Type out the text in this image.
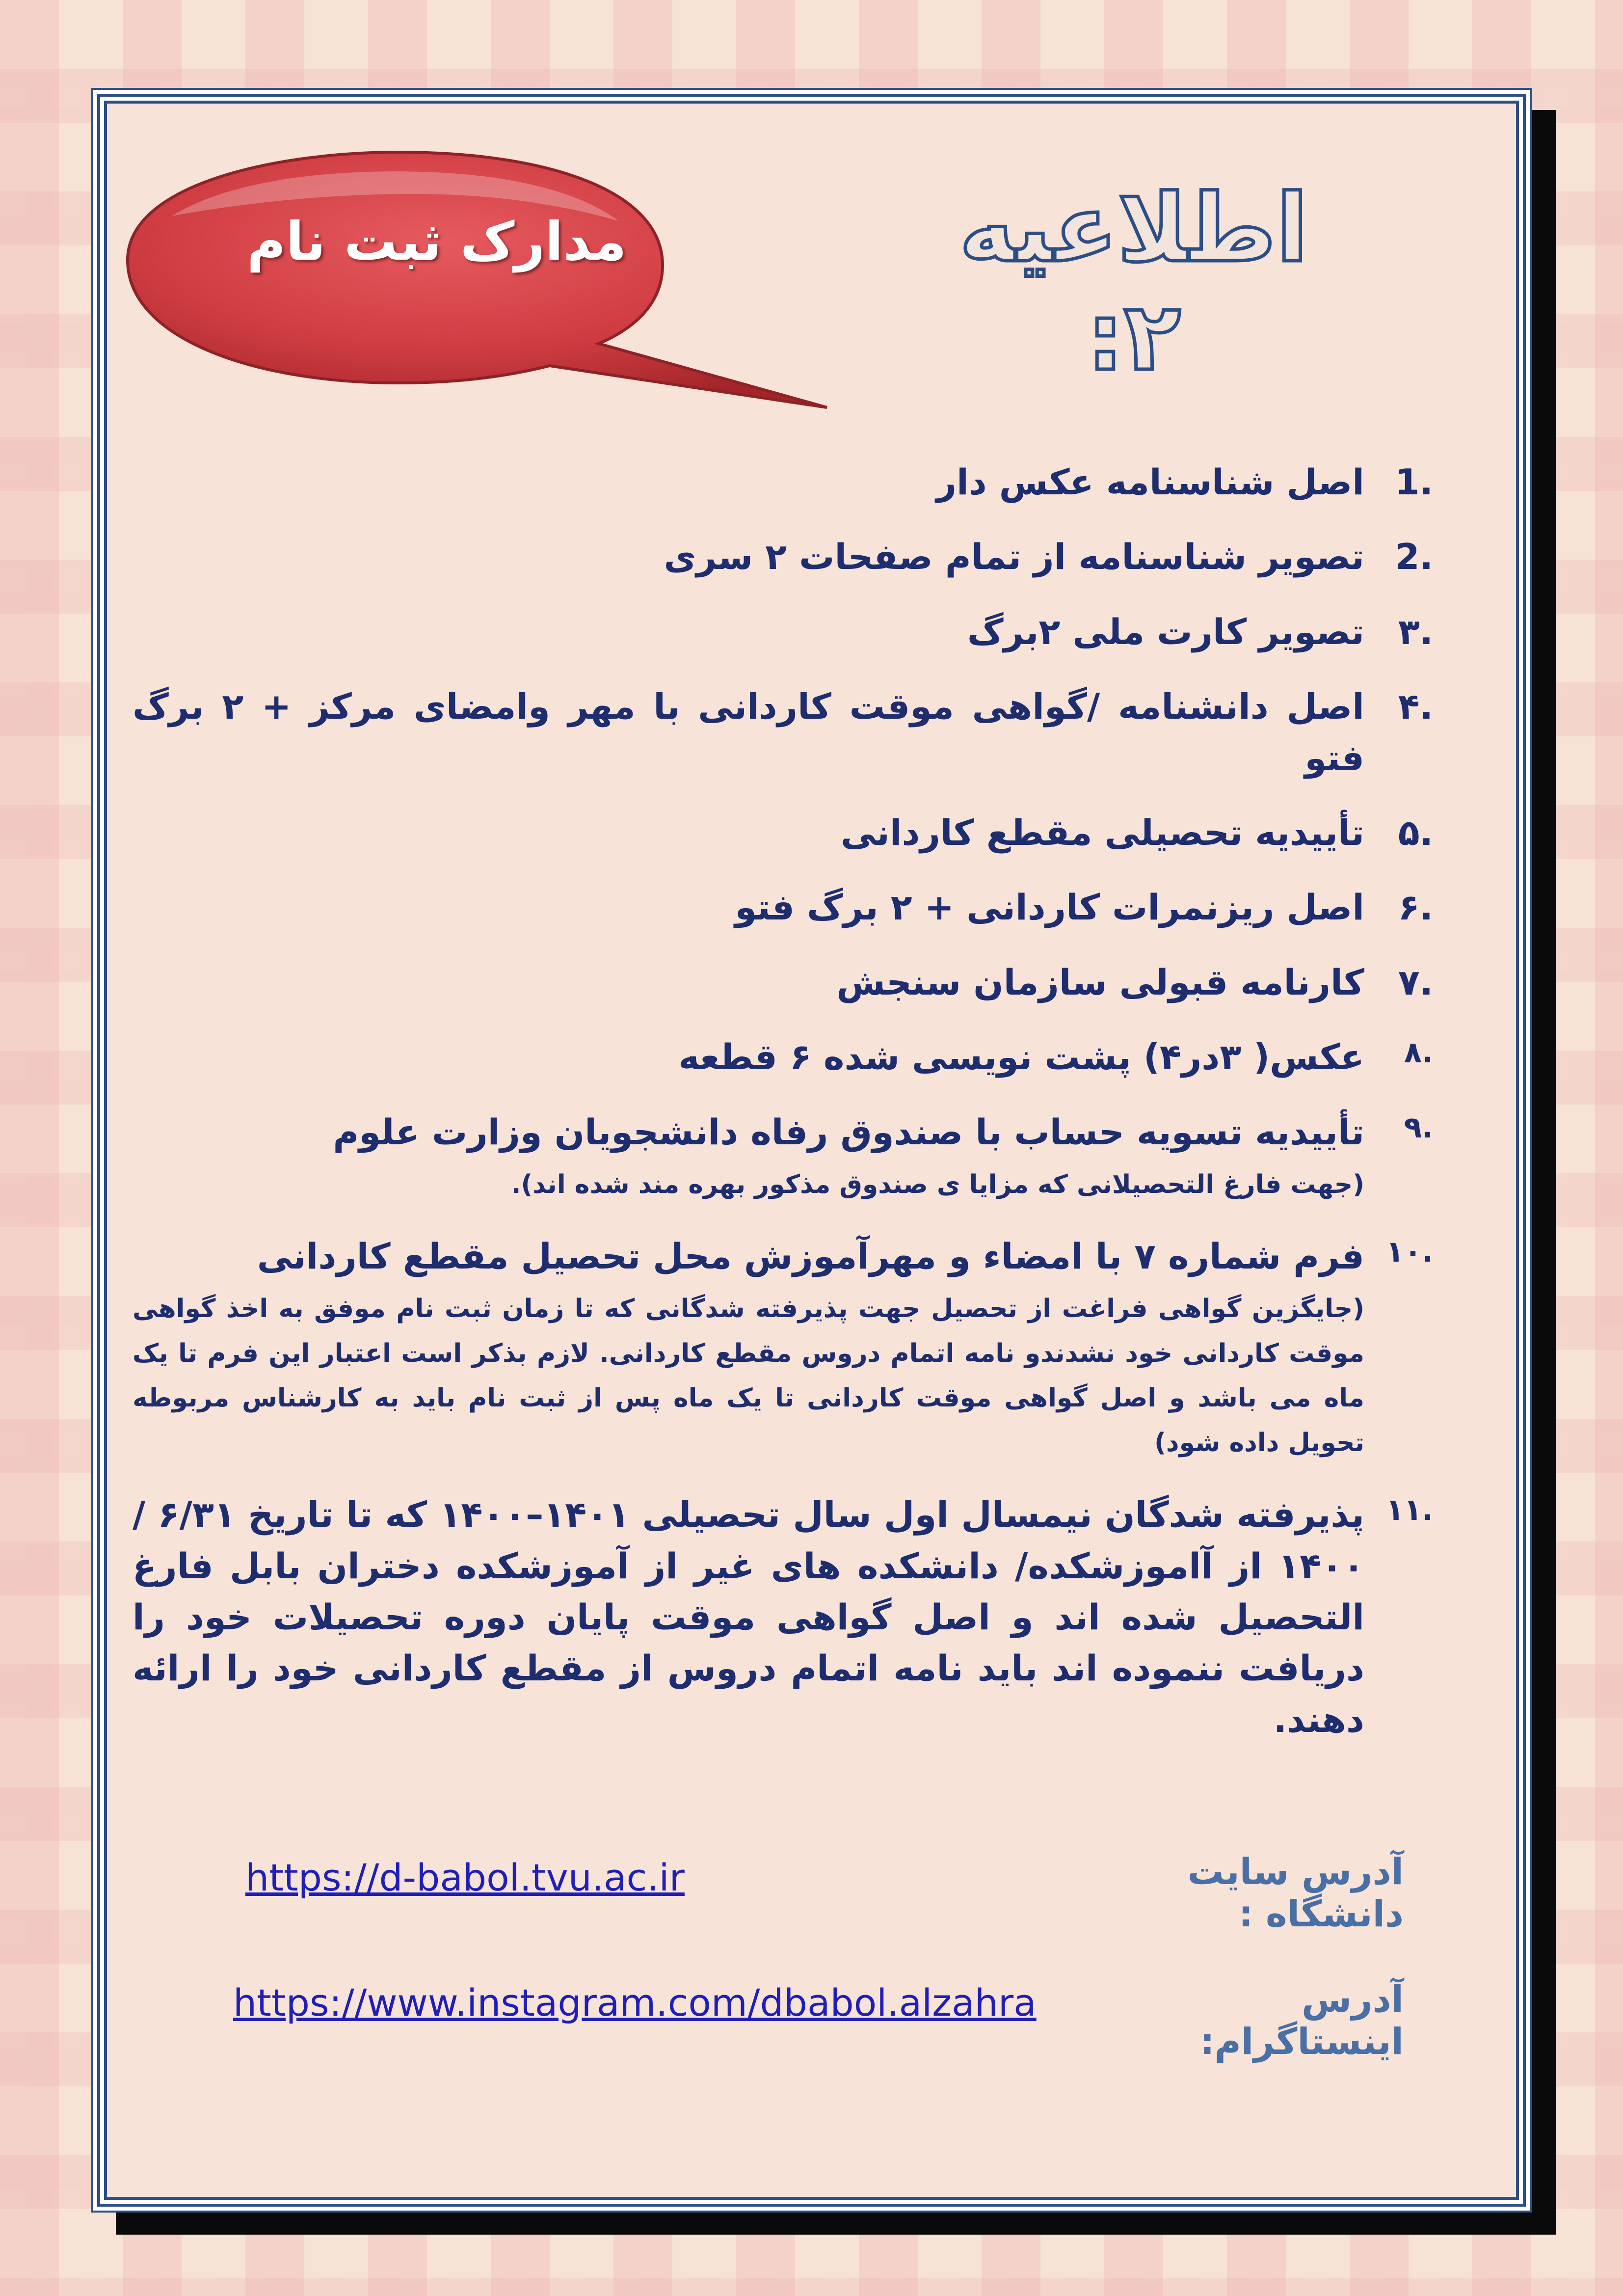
مدارک ثبت نام	اطلاعیه ۲:
.1
اصل شناسنامه عکس دار
.2
تصویر شناسنامه از تمام صفحات ۲ سری
.۳
تصویر کارت ملی ۲برگ
.۴
اصل دانشنامه /گواهی موقت کاردانی با مهر وامضای مرکز + ۲ برگ فتو
.۵
تأییدیه تحصیلی مقطع کاردانی
.۶
اصل ریزنمرات کاردانی + ۲ برگ فتو
.۷
کارنامه قبولی سازمان سنجش
.۸
عکس( ۳در۴) پشت نویسی شده ۶ قطعه
.۹
تأییدیه تسویه حساب با صندوق رفاه دانشجویان وزارت علوم
(جهت فارغ التحصیلانی که مزایا ی صندوق مذکور بهره مند شده اند).
.۱۰
فرم شماره ۷ با امضاء و مهرآموزش محل تحصیل مقطع کاردانی
(جایگزین گواهی فراغت از تحصیل جهت پذیرفته شدگانی که تا زمان ثبت نام موفق به اخذ گواهی موقت کاردانی خود نشدندو نامه اتمام دروس مقطع کاردانی. لازم بذکر است اعتبار این فرم تا یک ماه می باشد و اصل گواهی موقت کاردانی تا یک ماه پس از ثبت نام باید به کارشناس مربوطه تحویل داده شود)
.۱۱
پذیرفته شدگان نیمسال اول سال تحصیلی ۱۴۰۱–۱۴۰۰ که تا تاریخ ۶/۳۱ /۱۴۰۰ از آاموزشکده/ دانشکده های غیر از آموزشکده دختران بابل فارغ التحصیل شده اند و اصل گواهی موقت پایان دوره تحصیلات خود را دریافت ننموده اند باید نامه اتمام دروس از مقطع کاردانی خود را ارائه دهند.
آدرس سایت دانشگاه :
https://d-babol.tvu.ac.ir
آدرس اینستاگرام:
https://www.instagram.com/dbabol.alzahra
